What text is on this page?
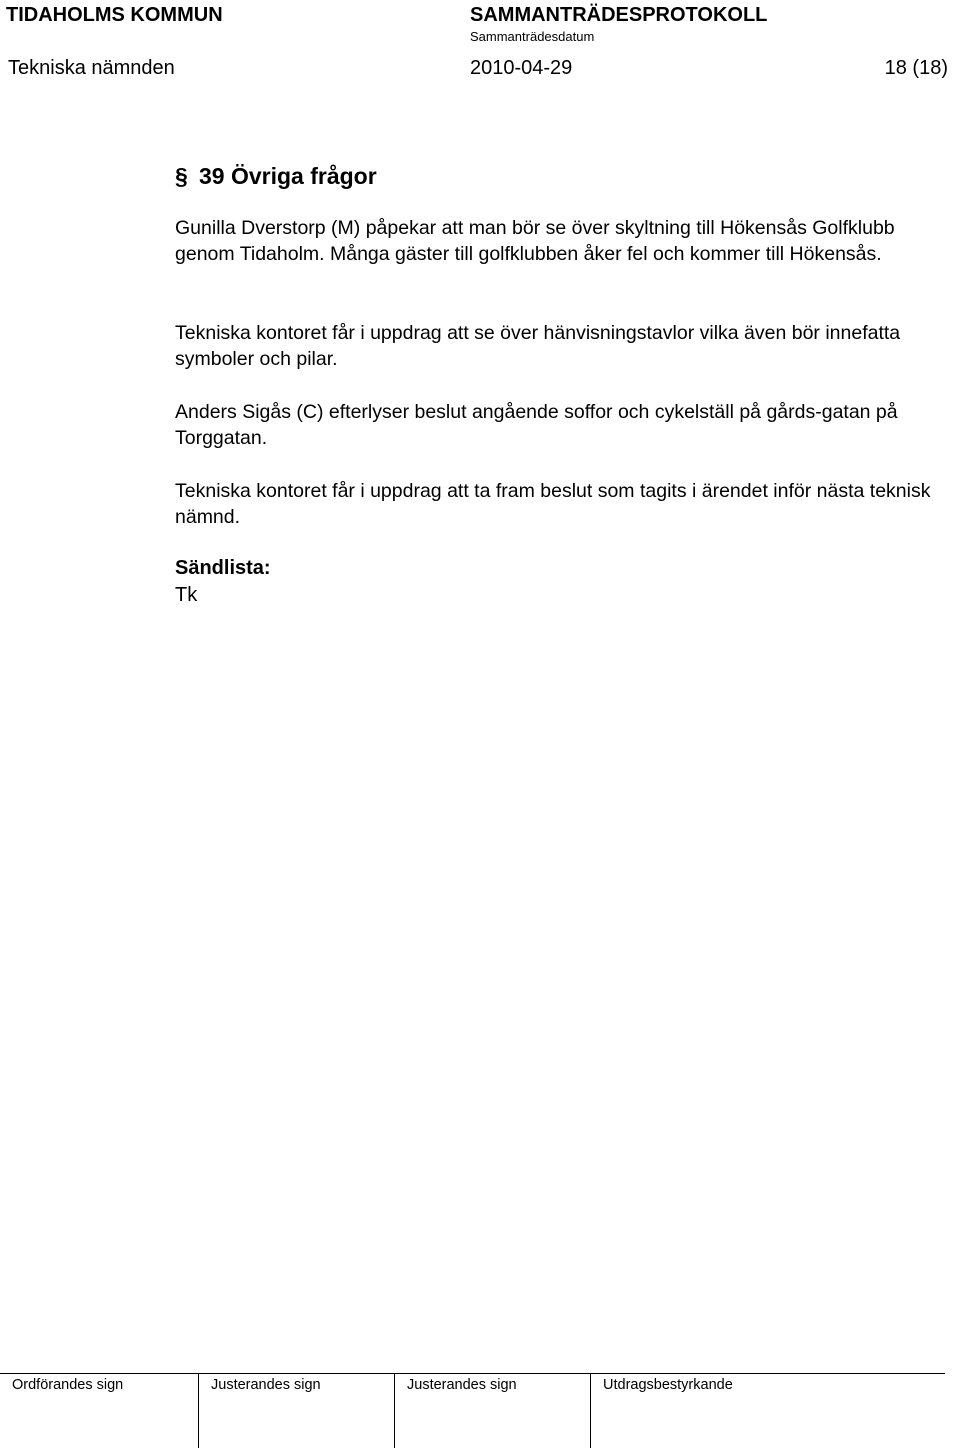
TIDAHOLMS KOMMUN	SAMMANTRÄDESPROTOKOLL
Sammanträdesdatum
Tekniska nämnden	2010-04-29	18 (18)
§ 39 Övriga frågor

Gunilla Dverstorp (M) påpekar att man bör se över skyltning till Hökensås Golfklubb genom Tidaholm. Många gäster till golfklubben åker fel och kommer till Hökensås.

Tekniska kontoret får i uppdrag att se över hänvisningstavlor vilka även bör innefatta symboler och pilar.

Anders Sigås (C) efterlyser beslut angående soffor och cykelställ på gårds-gatan på Torggatan.

Tekniska kontoret får i uppdrag att ta fram beslut som tagits i ärendet inför nästa teknisk nämnd.

Sändlista:
Tk
Ordförandes sign	Justerandes sign	Justerandes sign	Utdragsbestyrkande
